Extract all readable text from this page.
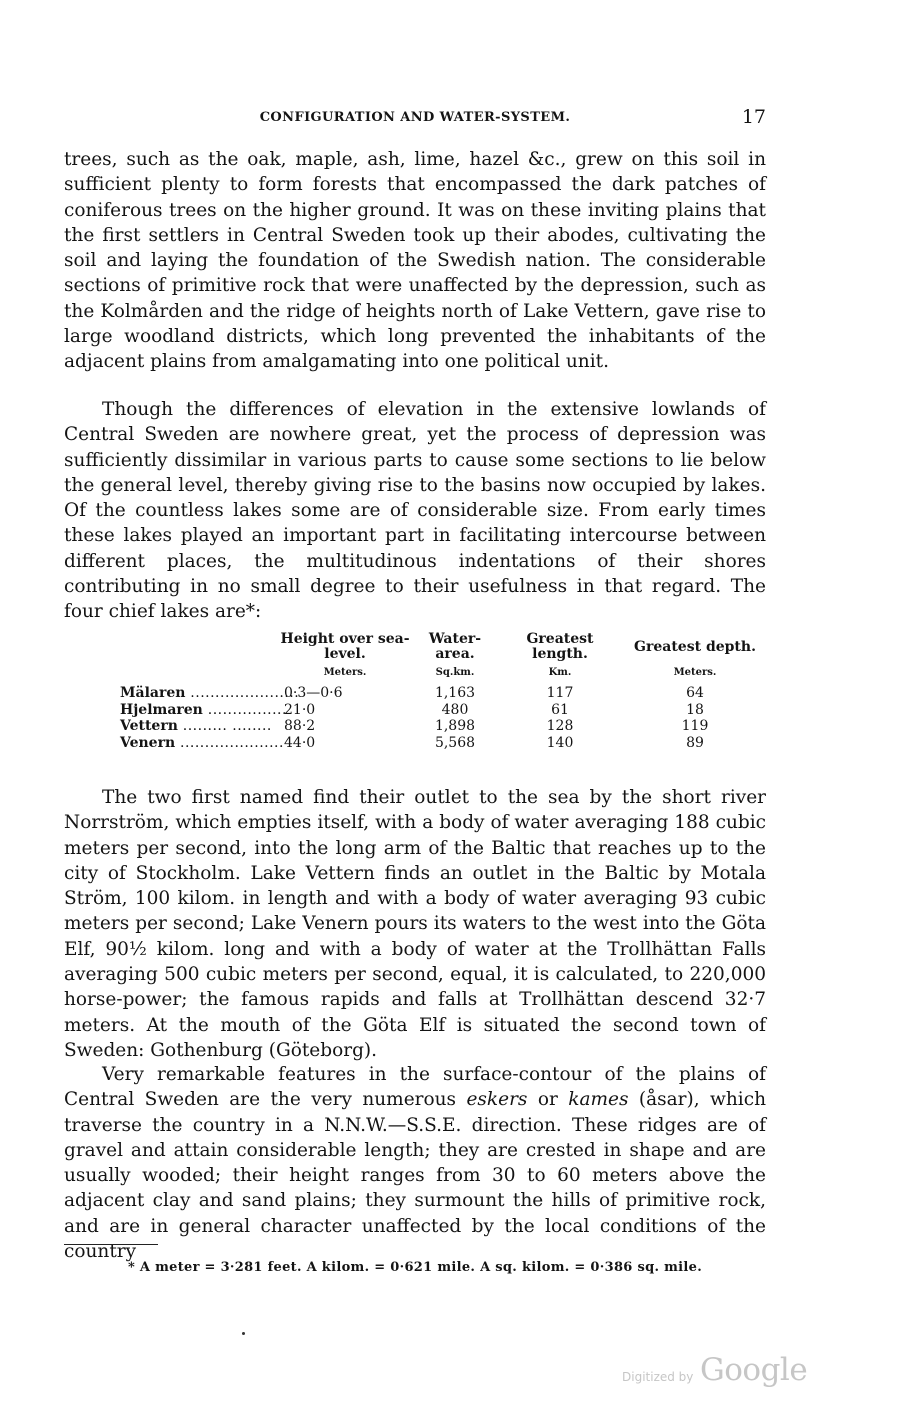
CONFIGURATION AND WATER-SYSTEM.	17

trees, such as the oak, maple, ash, lime, hazel &c., grew on this soil in sufficient plenty to form forests that encompassed the dark patches of coniferous trees on the higher ground. It was on these inviting plains that the first settlers in Central Sweden took up their abodes, cultivating the soil and laying the foundation of the Swedish nation. The considerable sections of primitive rock that were unaffected by the depression, such as the Kolmården and the ridge of heights north of Lake Vettern, gave rise to large woodland districts, which long prevented the inhabitants of the adjacent plains from amalgamating into one political unit.

Though the differences of elevation in the extensive lowlands of Central Sweden are nowhere great, yet the process of depression was sufficiently dissimilar in various parts to cause some sections to lie below the general level, thereby giving rise to the basins now occupied by lakes. Of the countless lakes some are of considerable size. From early times these lakes played an important part in facilitating intercourse between different places, the multitudinous indentations of their shores contributing in no small degree to their usefulness in that regard. The four chief lakes are*:

	Height over sea-level.	Water-area.	Greatest length.	Greatest depth.
	Meters.	Sq.km.	Km.	Meters.
Mälaren ......................	0·3—0·6	1,163	117	64
Hjelmaren ................	21·0	480	61	18
Vettern ......... ........	88·2	1,898	128	119
Venern .....................	44·0	5,568	140	89

The two first named find their outlet to the sea by the short river Norrström, which empties itself, with a body of water averaging 188 cubic meters per second, into the long arm of the Baltic that reaches up to the city of Stockholm. Lake Vettern finds an outlet in the Baltic by Motala Ström, 100 kilom. in length and with a body of water averaging 93 cubic meters per second; Lake Venern pours its waters to the west into the Göta Elf, 90½ kilom. long and with a body of water at the Trollhättan Falls averaging 500 cubic meters per second, equal, it is calculated, to 220,000 horse-power; the famous rapids and falls at Trollhättan descend 32·7 meters. At the mouth of the Göta Elf is situated the second town of Sweden: Gothenburg (Göteborg).

Very remarkable features in the surface-contour of the plains of Central Sweden are the very numerous eskers or kames (åsar), which traverse the country in a N.N.W.—S.S.E. direction. These ridges are of gravel and attain considerable length; they are crested in shape and are usually wooded; their height ranges from 30 to 60 meters above the adjacent clay and sand plains; they surmount the hills of primitive rock, and are in general character unaffected by the local conditions of the country

* A meter = 3·281 feet. A kilom. = 0·621 mile. A sq. kilom. = 0·386 sq. mile.
Digitized by Google
